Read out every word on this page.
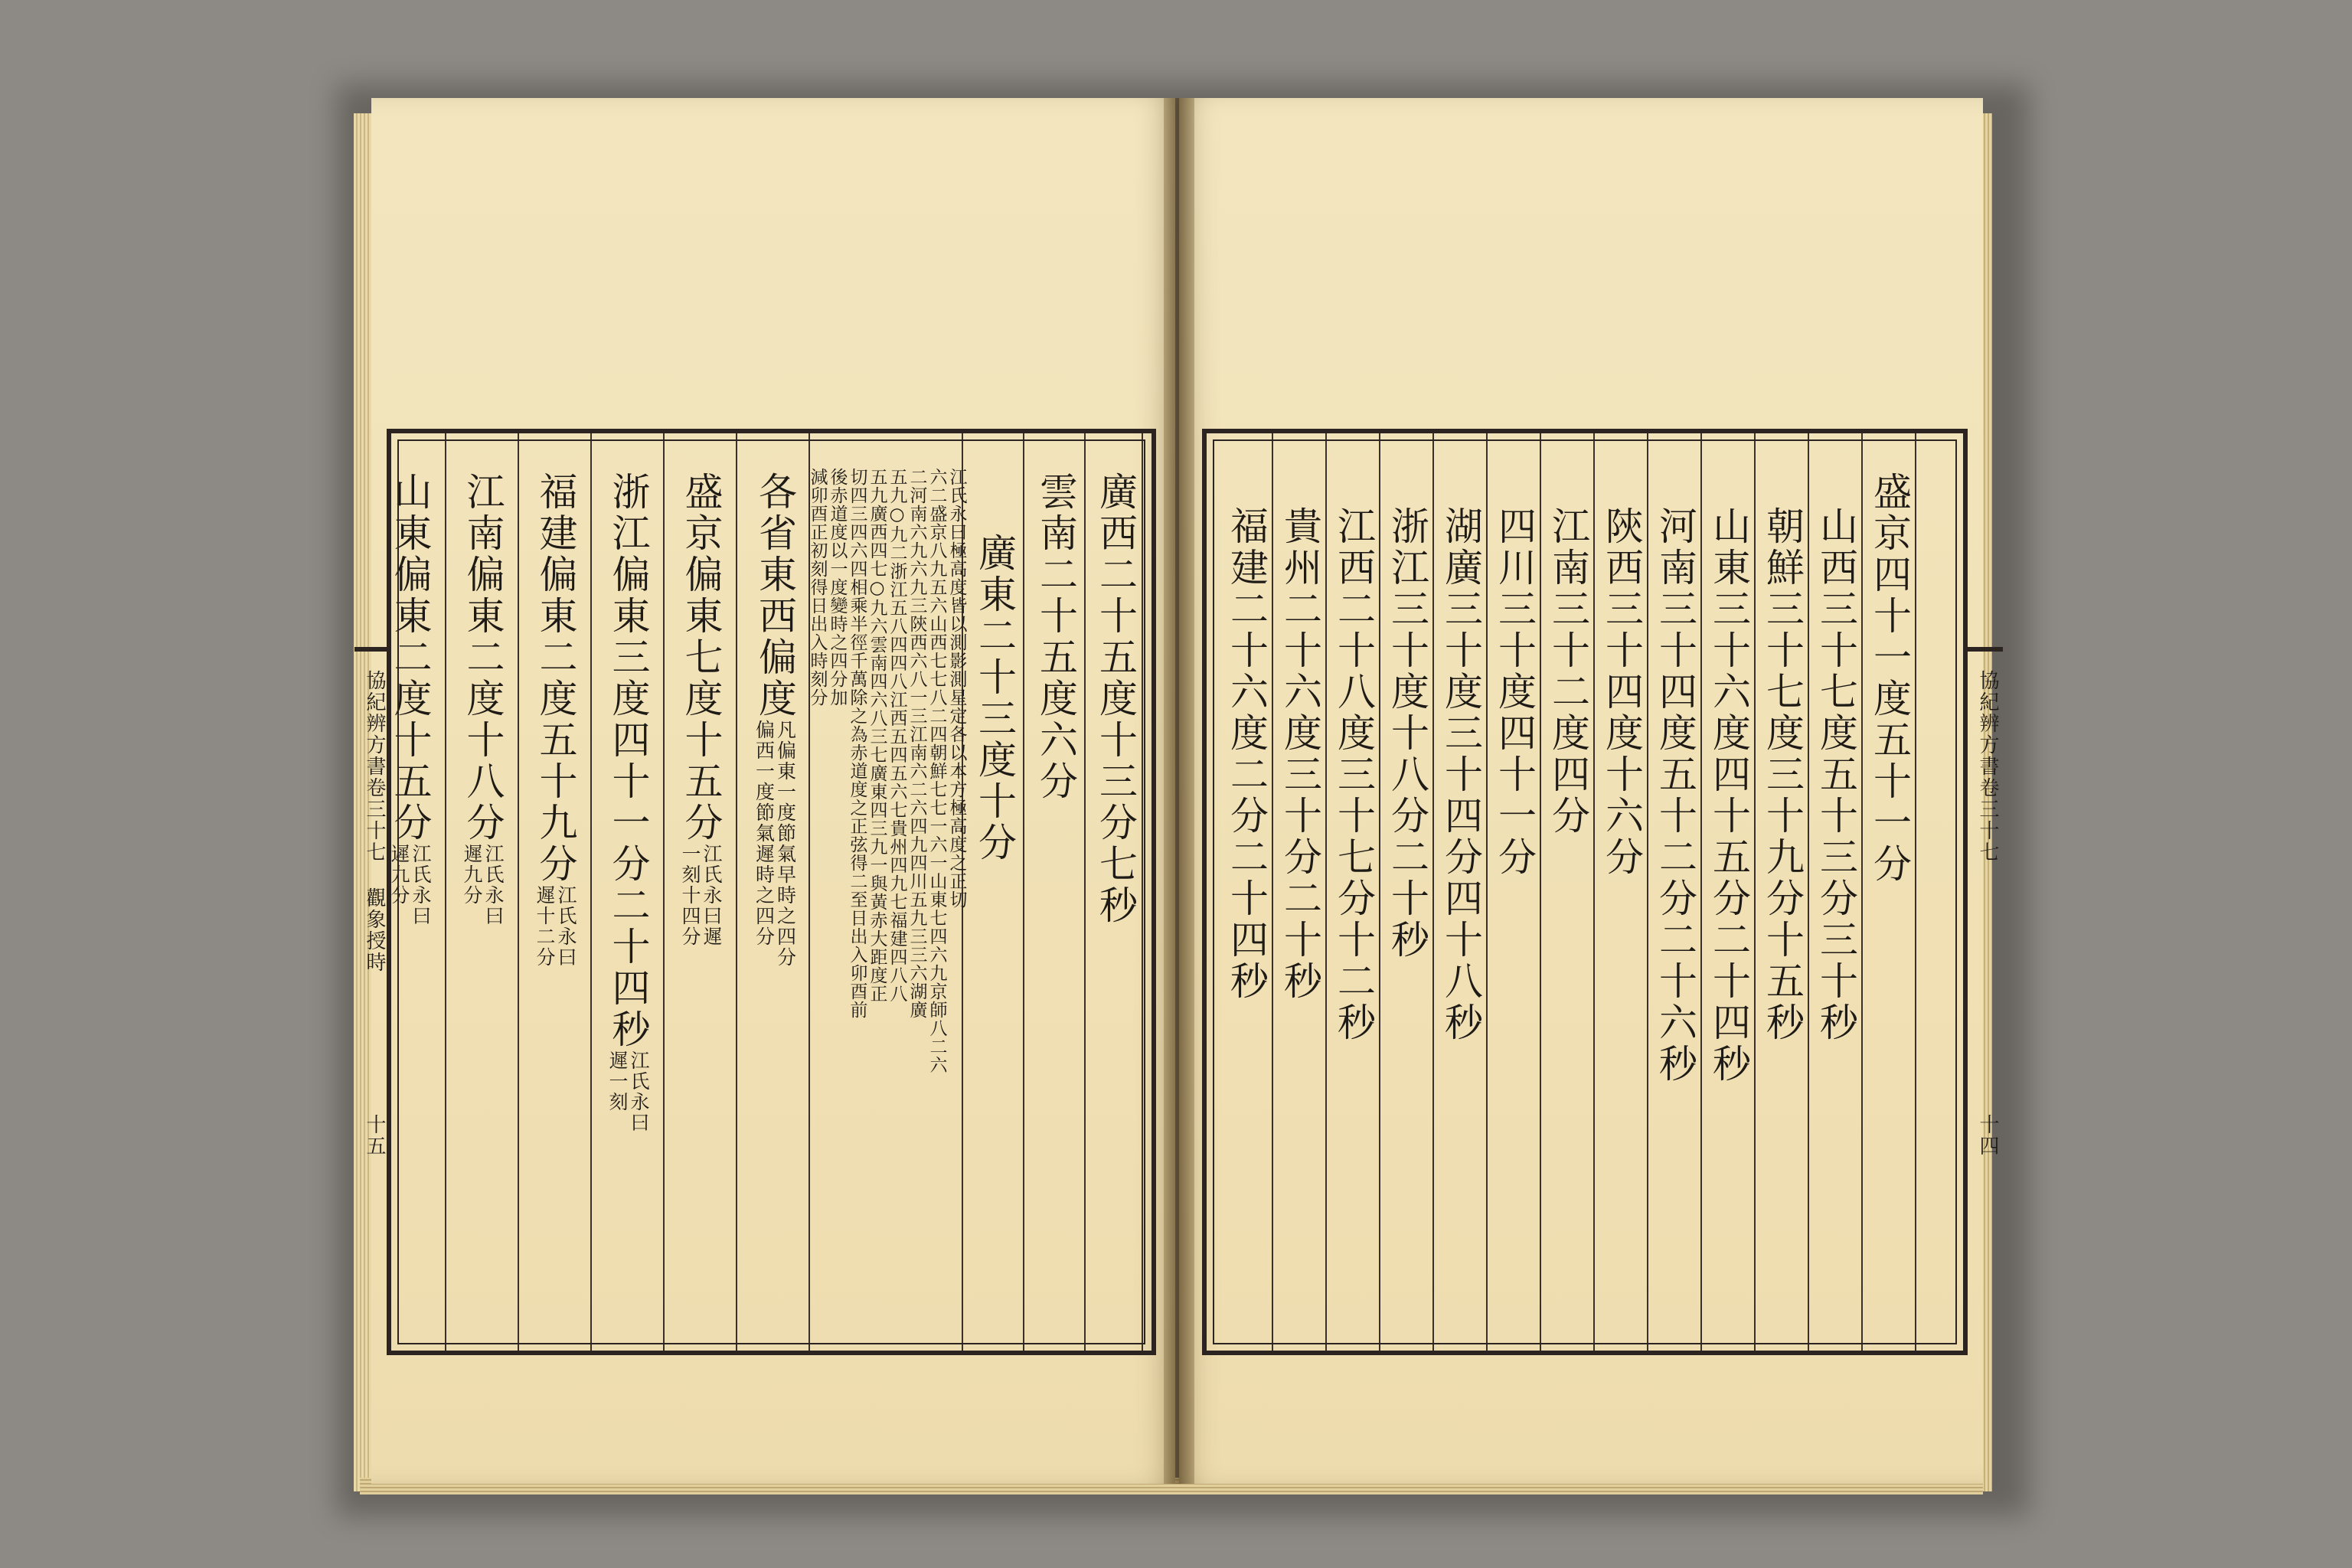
廣西二十五度十三分七秒
雲南二十五度六分
廣東二十三度十分
江氏永曰極高度皆以測影測星定各以本方極高度之正切
六二盛京八九五六山西七七八二四朝鮮七七一六一山東七四六九京師八二六
二河南六九六九三陝西六八一三江南六二六四九四川五九三三六湖廣
五九○九二浙江五八四四八江西五四五六七貴州四九七福建四八八
五九廣西四七○九六雲南四六八三七廣東四三九一與黃赤大距度正
切四三四六四相乘半徑千萬除之為赤道度之正弦得二至日出入卯酉前
後赤道度以一度變時之四分加
減卯酉正初刻得日出入時刻分
各省東西偏度
凡偏東一度節氣早時之四分
偏西一度節氣遲時之四分
盛京偏東七度十五分
江氏永曰遲
一刻十四分
浙江偏東三度四十一分二十四秒
江氏永曰
遲一刻
福建偏東二度五十九分
江氏永曰
遲十二分
江南偏東二度十八分
江氏永曰
遲九分
山東偏東二度十五分
江氏永曰
遲九分
協紀辨方書卷三十七 觀象授時
十五
盛京四十一度五十一分
山西三十七度五十三分三十秒
朝鮮三十七度三十九分十五秒
山東三十六度四十五分二十四秒
河南三十四度五十二分二十六秒
陝西三十四度十六分
江南三十二度四分
四川三十度四十一分
湖廣三十度三十四分四十八秒
浙江三十度十八分二十秒
江西二十八度三十七分十二秒
貴州二十六度三十分二十秒
福建二十六度二分二十四秒	協紀辨方書卷三十七
十四
